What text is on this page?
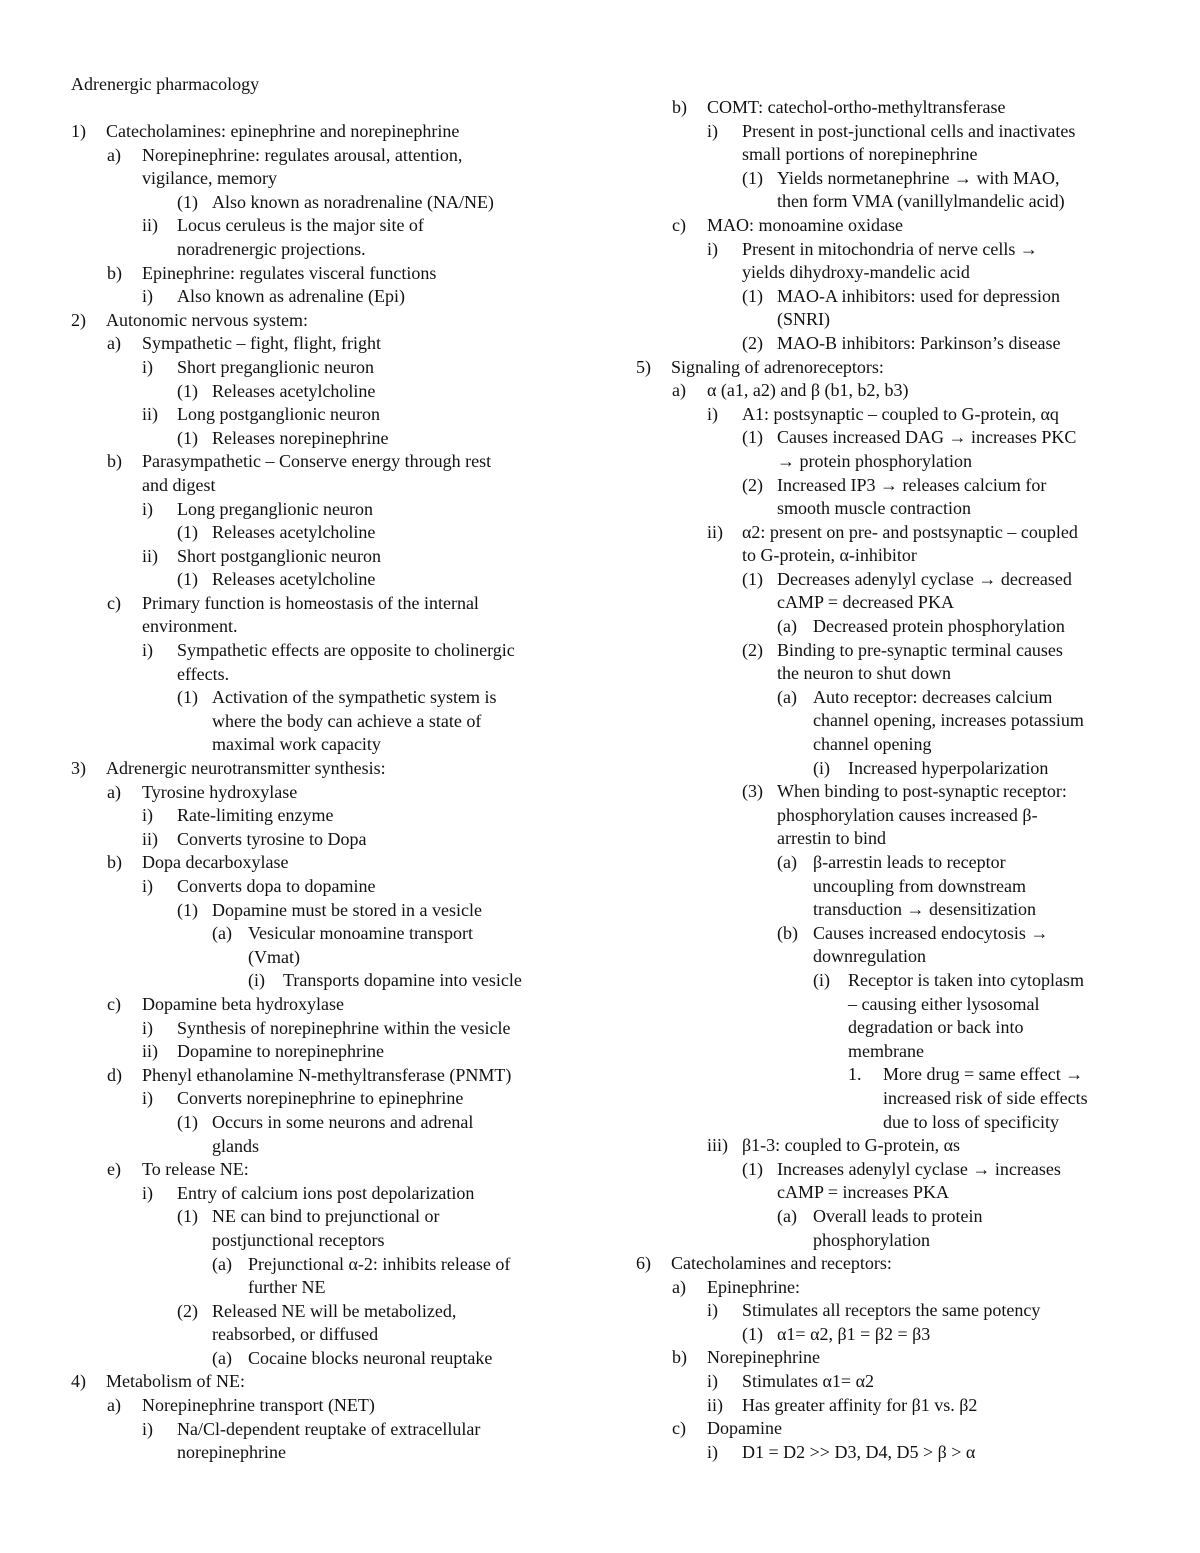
Adrenergic pharmacology
1) Catecholamines: epinephrine and norepinephrine
a) Norepinephrine: regulates arousal, attention,
vigilance, memory
(1) Also known as noradrenaline (NA/NE)
ii) Locus ceruleus is the major site of
noradrenergic projections.
b) Epinephrine: regulates visceral functions
i) Also known as adrenaline (Epi)
2) Autonomic nervous system:
a) Sympathetic – fight, flight, fright
i) Short preganglionic neuron
(1) Releases acetylcholine
ii) Long postganglionic neuron
(1) Releases norepinephrine
b) Parasympathetic – Conserve energy through rest
and digest
i) Long preganglionic neuron
(1) Releases acetylcholine
ii) Short postganglionic neuron
(1) Releases acetylcholine
c) Primary function is homeostasis of the internal
environment.
i) Sympathetic effects are opposite to cholinergic
effects.
(1) Activation of the sympathetic system is
where the body can achieve a state of
maximal work capacity
3) Adrenergic neurotransmitter synthesis:
a) Tyrosine hydroxylase
i) Rate-limiting enzyme
ii) Converts tyrosine to Dopa
b) Dopa decarboxylase
i) Converts dopa to dopamine
(1) Dopamine must be stored in a vesicle
(a) Vesicular monoamine transport
(Vmat)
(i) Transports dopamine into vesicle
c) Dopamine beta hydroxylase
i) Synthesis of norepinephrine within the vesicle
ii) Dopamine to norepinephrine
d) Phenyl ethanolamine N-methyltransferase (PNMT)
i) Converts norepinephrine to epinephrine
(1) Occurs in some neurons and adrenal
glands
e) To release NE:
i) Entry of calcium ions post depolarization
(1) NE can bind to prejunctional or
postjunctional receptors
(a) Prejunctional α-2: inhibits release of
further NE
(2) Released NE will be metabolized,
reabsorbed, or diffused
(a) Cocaine blocks neuronal reuptake
4) Metabolism of NE:
a) Norepinephrine transport (NET)
i) Na/Cl-dependent reuptake of extracellular
norepinephrine
b) COMT: catechol-ortho-methyltransferase
i) Present in post-junctional cells and inactivates
small portions of norepinephrine
(1) Yields normetanephrine → with MAO,
then form VMA (vanillylmandelic acid)
c) MAO: monoamine oxidase
i) Present in mitochondria of nerve cells →
yields dihydroxy-mandelic acid
(1) MAO-A inhibitors: used for depression
(SNRI)
(2) MAO-B inhibitors: Parkinson’s disease
5) Signaling of adrenoreceptors:
a) α (a1, a2) and β (b1, b2, b3)
i) A1: postsynaptic – coupled to G-protein, αq
(1) Causes increased DAG → increases PKC
→ protein phosphorylation
(2) Increased IP3 → releases calcium for
smooth muscle contraction
ii) α2: present on pre- and postsynaptic – coupled
to G-protein, α-inhibitor
(1) Decreases adenylyl cyclase → decreased
cAMP = decreased PKA
(a) Decreased protein phosphorylation
(2) Binding to pre-synaptic terminal causes
the neuron to shut down
(a) Auto receptor: decreases calcium
channel opening, increases potassium
channel opening
(i) Increased hyperpolarization
(3) When binding to post-synaptic receptor:
phosphorylation causes increased β-
arrestin to bind
(a) β-arrestin leads to receptor
uncoupling from downstream
transduction → desensitization
(b) Causes increased endocytosis →
downregulation
(i) Receptor is taken into cytoplasm
– causing either lysosomal
degradation or back into
membrane
1. More drug = same effect →
increased risk of side effects
due to loss of specificity
iii) β1-3: coupled to G-protein, αs
(1) Increases adenylyl cyclase → increases
cAMP = increases PKA
(a) Overall leads to protein
phosphorylation
6) Catecholamines and receptors:
a) Epinephrine:
i) Stimulates all receptors the same potency
(1) α1= α2, β1 = β2 = β3
b) Norepinephrine
i) Stimulates α1= α2
ii) Has greater affinity for β1 vs. β2
c) Dopamine
i) D1 = D2 >> D3, D4, D5 > β > α
